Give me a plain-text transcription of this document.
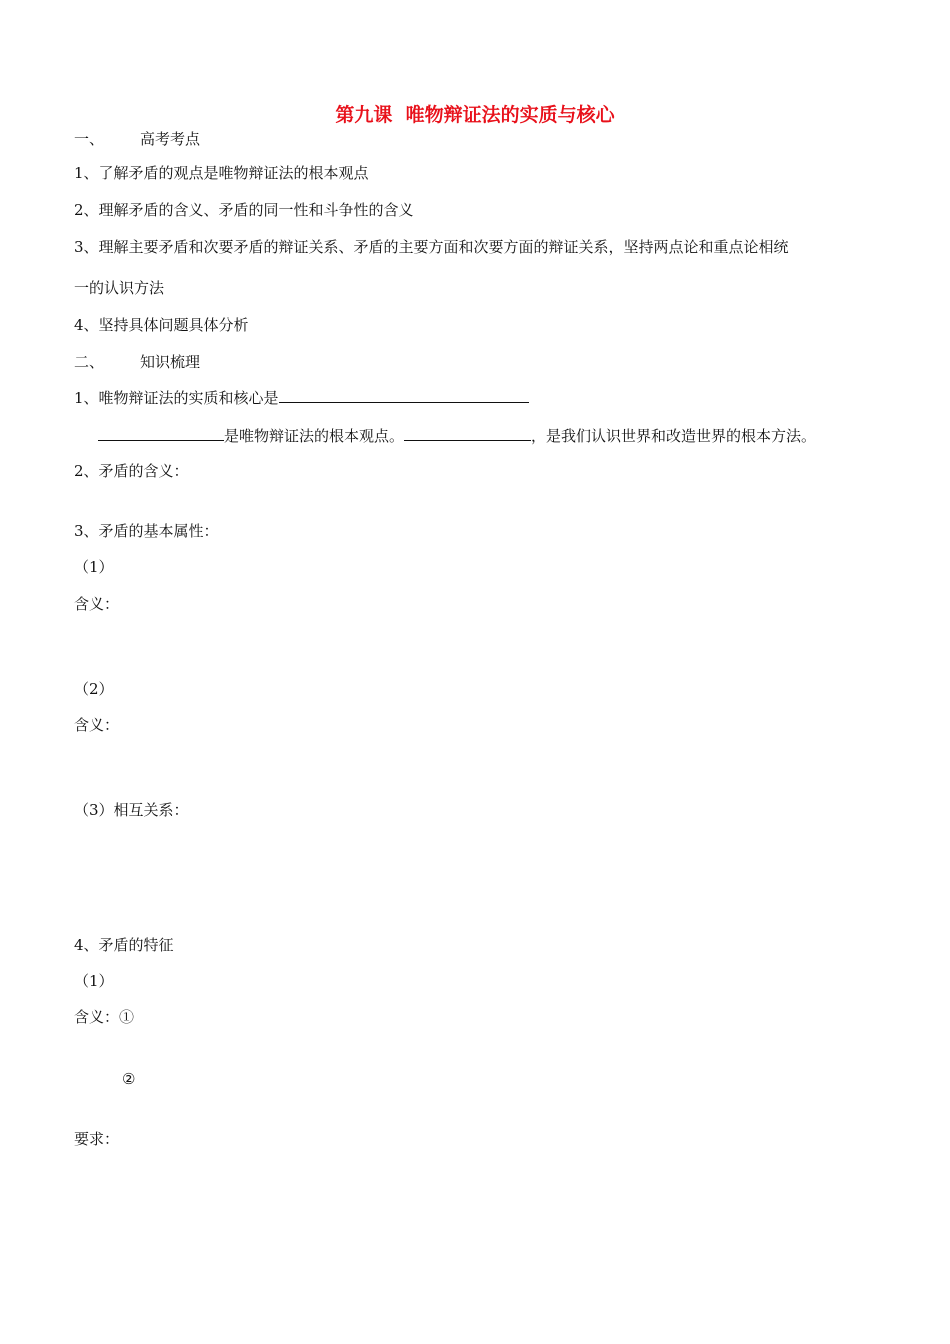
第九课  唯物辩证法的实质与核心
一、 高考考点
1、了解矛盾的观点是唯物辩证法的根本观点
2、理解矛盾的含义、矛盾的同一性和斗争性的含义
3、理解主要矛盾和次要矛盾的辩证关系、矛盾的主要方面和次要方面的辩证关系，坚持两点论和重点论相统
一的认识方法
4、坚持具体问题具体分析
二、 知识梳理
1、唯物辩证法的实质和核心是
是唯物辩证法的根本观点。	，是我们认识世界和改造世界的根本方法。
2、矛盾的含义：
3、矛盾的基本属性：
（1）
含义：
（2）
含义：
（3）相互关系：
4、矛盾的特征
（1）
含义：①
②
要求：
